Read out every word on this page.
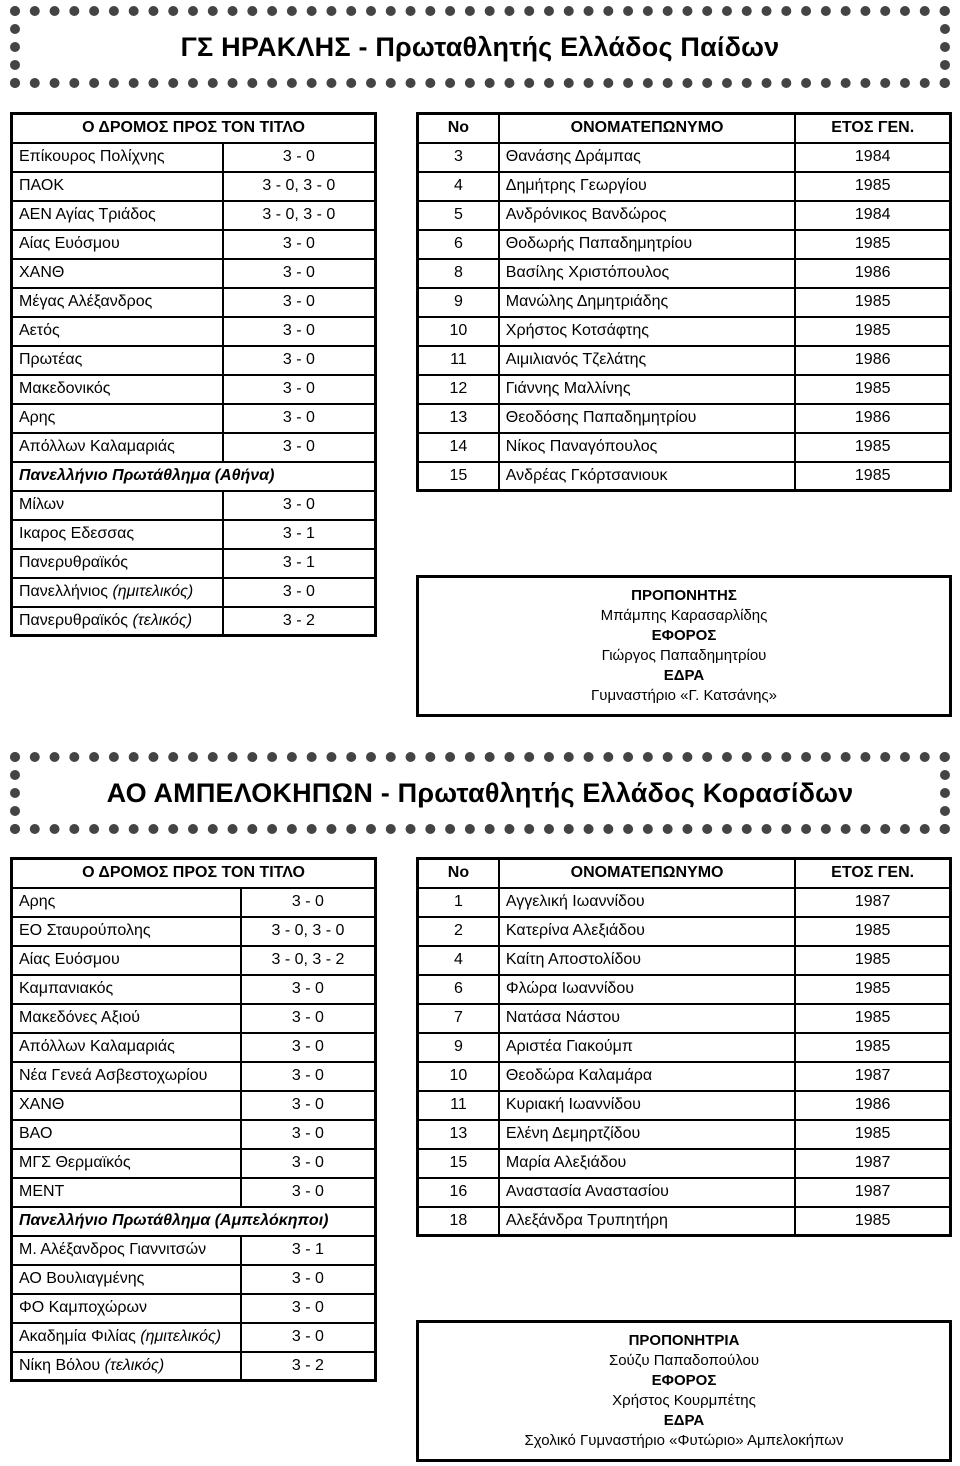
ΓΣ ΗΡΑΚΛΗΣ - Πρωταθλητής Ελλάδος Παίδων
Ο ΔΡΟΜΟΣ ΠΡΟΣ ΤΟΝ ΤΙΤΛΟ	
Επίκουρος Πολίχνης	3 - 0
ΠΑΟΚ	3 - 0, 3 - 0
ΑΕΝ Αγίας Τριάδος	3 - 0, 3 - 0
Αίας Ευόσμου	3 - 0
ΧΑΝΘ	3 - 0
Μέγας Αλέξανδρος	3 - 0
Αετός	3 - 0
Πρωτέας	3 - 0
Μακεδονικός	3 - 0
Αρης	3 - 0
Απόλλων Καλαμαριάς	3 - 0
Πανελλήνιο Πρωτάθλημα (Αθήνα)	
Μίλων	3 - 0
Ικαρος Εδεσσας	3 - 1
Πανερυθραϊκός	3 - 1
Πανελλήνιος (ημιτελικός)	3 - 0
Πανερυθραϊκός (τελικός)	3 - 2
Νο	ΟΝΟΜΑΤΕΠΩΝΥΜΟ	ΕΤΟΣ ΓΕΝ.
3	Θανάσης Δράμπας	1984
4	Δημήτρης Γεωργίου	1985
5	Ανδρόνικος Βανδώρος	1984
6	Θοδωρής Παπαδημητρίου	1985
8	Βασίλης Χριστόπουλος	1986
9	Μανώλης Δημητριάδης	1985
10	Χρήστος Κοτσάφτης	1985
11	Αιμιλιανός Τζελάτης	1986
12	Γιάννης Μαλλίνης	1985
13	Θεοδόσης Παπαδημητρίου	1986
14	Νίκος Παναγόπουλος	1985
15	Ανδρέας Γκόρτσανιουκ	1985
ΠΡΟΠΟΝΗΤΗΣ
Μπάμπης Καρασαρλίδης
ΕΦΟΡΟΣ
Γιώργος Παπαδημητρίου
ΕΔΡΑ
Γυμναστήριο «Γ. Κατσάνης»
ΑΟ ΑΜΠΕΛΟΚΗΠΩΝ - Πρωταθλητής Ελλάδος Κορασίδων
Ο ΔΡΟΜΟΣ ΠΡΟΣ ΤΟΝ ΤΙΤΛΟ	
Αρης	3 - 0
ΕΟ Σταυρούπολης	3 - 0, 3 - 0
Αίας Ευόσμου	3 - 0, 3 - 2
Καμπανιακός	3 - 0
Μακεδόνες Αξιού	3 - 0
Απόλλων Καλαμαριάς	3 - 0
Νέα Γενεά Ασβεστοχωρίου	3 - 0
ΧΑΝΘ	3 - 0
ΒΑΟ	3 - 0
ΜΓΣ Θερμαϊκός	3 - 0
ΜΕΝΤ	3 - 0
Πανελλήνιο Πρωτάθλημα (Αμπελόκηποι)	
Μ. Αλέξανδρος Γιαννιτσών	3 - 1
ΑΟ Βουλιαγμένης	3 - 0
ΦΟ Καμποχώρων	3 - 0
Ακαδημία Φιλίας (ημιτελικός)	3 - 0
Νίκη Βόλου (τελικός)	3 - 2
Νο	ΟΝΟΜΑΤΕΠΩΝΥΜΟ	ΕΤΟΣ ΓΕΝ.
1	Αγγελική Ιωαννίδου	1987
2	Κατερίνα Αλεξιάδου	1985
4	Καίτη Αποστολίδου	1985
6	Φλώρα Ιωαννίδου	1985
7	Νατάσα Νάστου	1985
9	Αριστέα Γιακούμπ	1985
10	Θεοδώρα Καλαμάρα	1987
11	Κυριακή Ιωαννίδου	1986
13	Ελένη Δεμηρτζίδου	1985
15	Μαρία Αλεξιάδου	1987
16	Αναστασία Αναστασίου	1987
18	Αλεξάνδρα Τρυπητήρη	1985
ΠΡΟΠΟΝΗΤΡΙΑ
Σούζυ Παπαδοπούλου
ΕΦΟΡΟΣ
Χρήστος Κουρμπέτης
ΕΔΡΑ
Σχολικό Γυμναστήριο «Φυτώριο» Αμπελοκήπων
